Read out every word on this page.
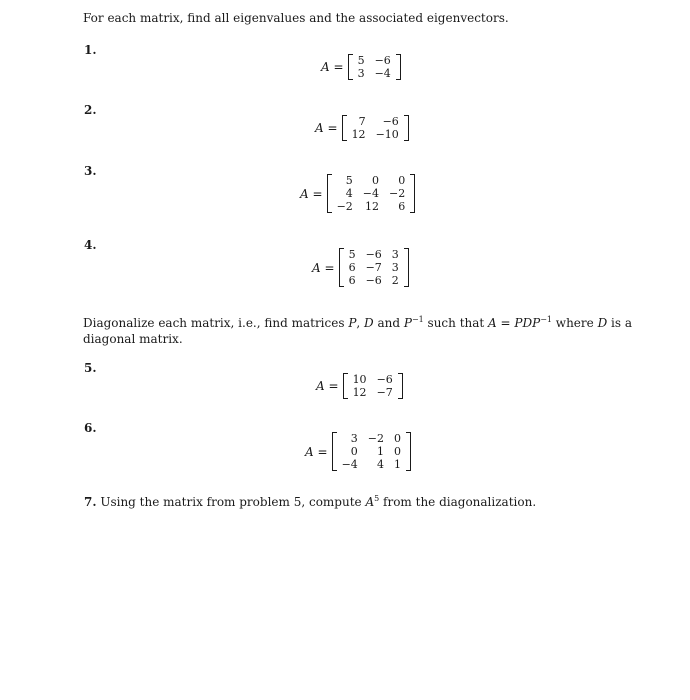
For each matrix, find all eigenvalues and the associated eigenvectors.
1.
A = 5	−6
3	−4
2.
A = 7	−6
12	−10
3.
A =
5	0	0
4	−4	−2
−2	12	6
4.
A =
5	−6	3
6	−7	3
6	−6	2
Diagonalize each matrix, i.e., find matrices P, D and $P^{-1}$ such that $A = PDP^{-1}$ where D is a diagonal matrix.
5.
A = 10	−6
12	−7
6.
A =
3	−2	0
0	1	0
−4	4	1
7. Using the matrix from problem 5, compute $A^5$ from the diagonalization.
